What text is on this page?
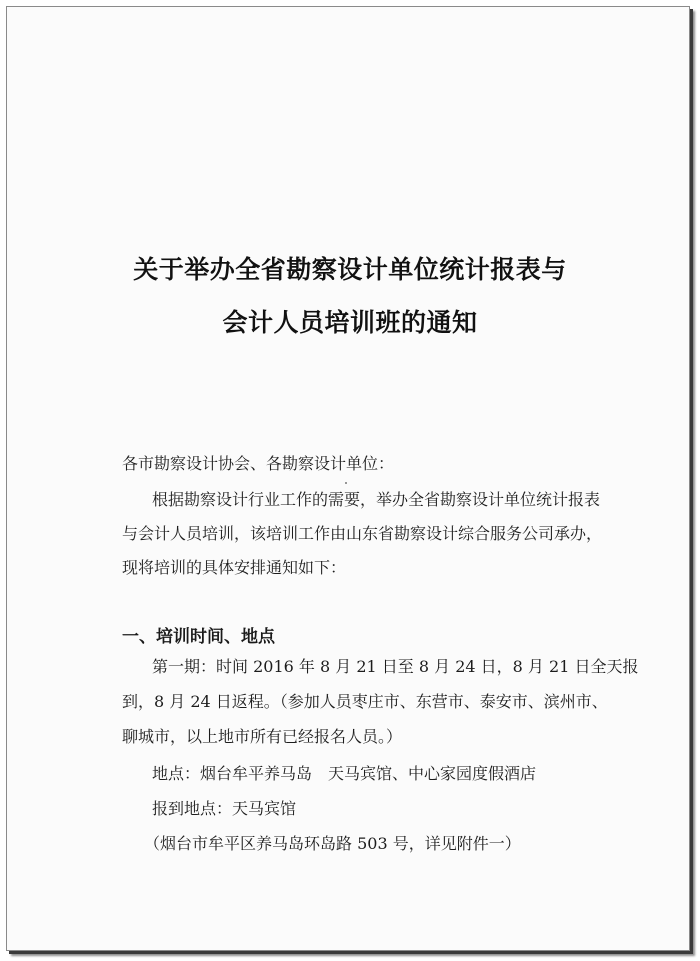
关于举办全省勘察设计单位统计报表与
会计人员培训班的通知
各市勘察设计协会、各勘察设计单位：
根据勘察设计行业工作的需要，举办全省勘察设计单位统计报表
与会计人员培训，该培训工作由山东省勘察设计综合服务公司承办，
现将培训的具体安排通知如下：
一、培训时间、地点
第一期：时间 2016 年 8 月 21 日至 8 月 24 日，8 月 21 日全天报
到，8 月 24 日返程。（参加人员枣庄市、东营市、泰安市、滨州市、
聊城市，以上地市所有已经报名人员。）
地点：烟台牟平养马岛　天马宾馆、中心家园度假酒店
报到地点：天马宾馆
（烟台市牟平区养马岛环岛路 503 号，详见附件一）
